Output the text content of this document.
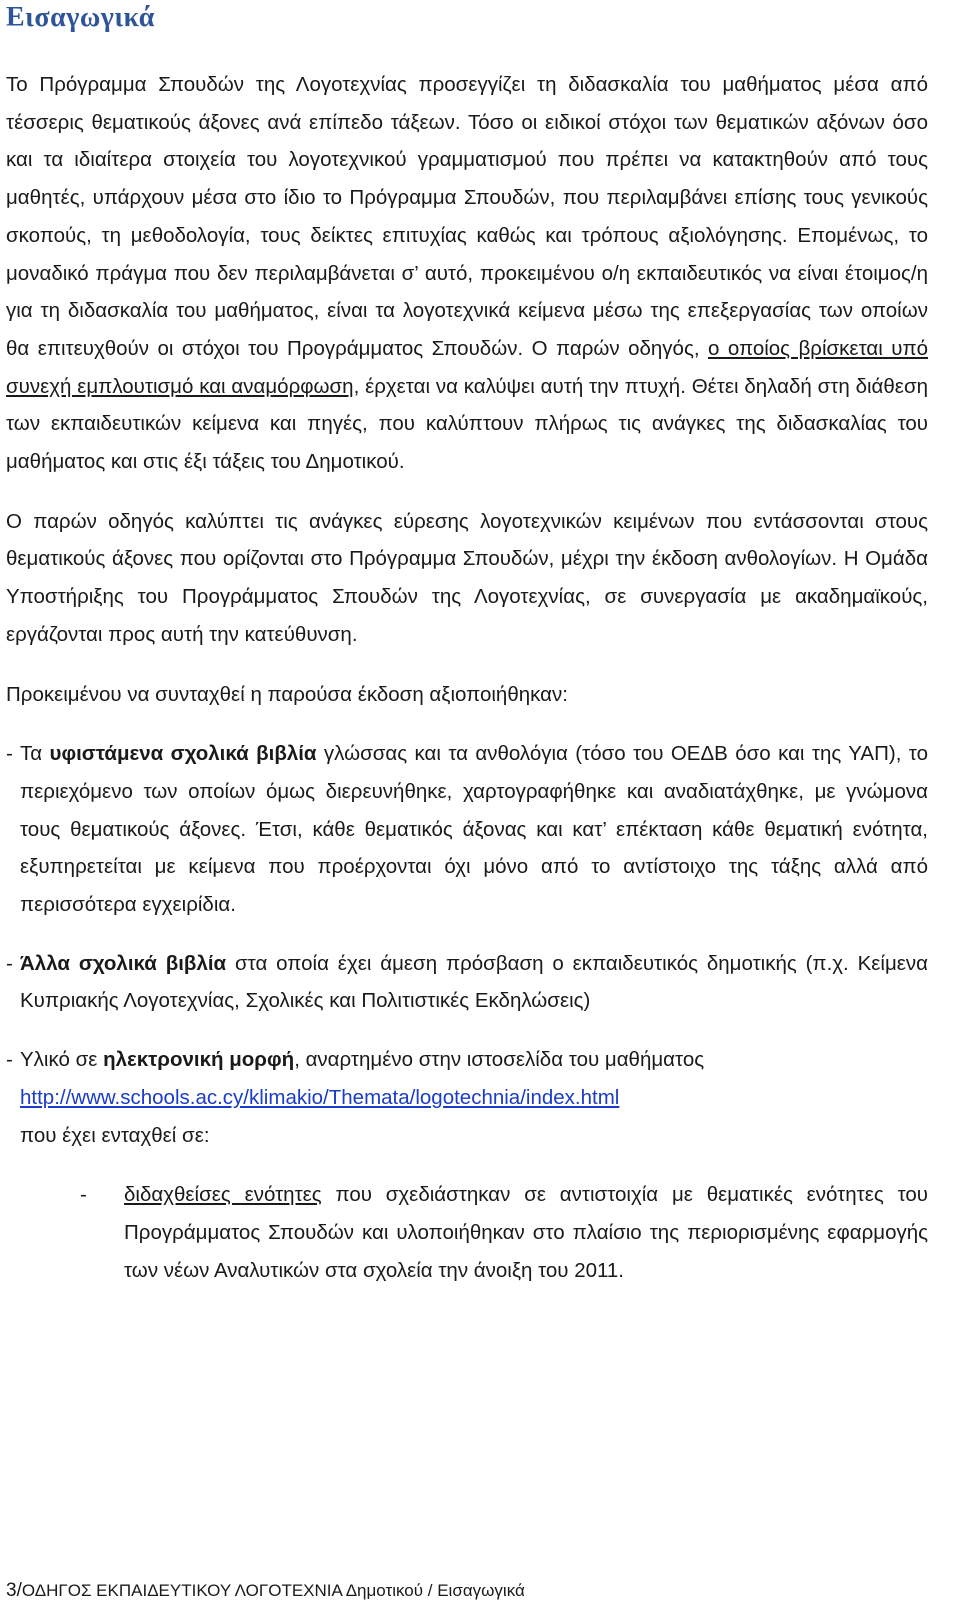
Εισαγωγικά

Το Πρόγραμμα Σπουδών της Λογοτεχνίας προσεγγίζει τη διδασκαλία του μαθήματος μέσα από τέσσερις θεματικούς άξονες ανά επίπεδο τάξεων. Τόσο οι ειδικοί στόχοι των θεματικών αξόνων όσο και τα ιδιαίτερα στοιχεία του λογοτεχνικού γραμματισμού που πρέπει να κατακτηθούν από τους μαθητές, υπάρχουν μέσα στο ίδιο το Πρόγραμμα Σπουδών, που περιλαμβάνει επίσης τους γενικούς σκοπούς, τη μεθοδολογία, τους δείκτες επιτυχίας καθώς και τρόπους αξιολόγησης. Επομένως, το μοναδικό πράγμα που δεν περιλαμβάνεται σ’ αυτό, προκειμένου ο/η εκπαιδευτικός να είναι έτοιμος/η για τη διδασκαλία του μαθήματος, είναι τα λογοτεχνικά κείμενα μέσω της επεξεργασίας των οποίων θα επιτευχθούν οι στόχοι του Προγράμματος Σπουδών. Ο παρών οδηγός, ο οποίος βρίσκεται υπό συνεχή εμπλουτισμό και αναμόρφωση, έρχεται να καλύψει αυτή την πτυχή. Θέτει δηλαδή στη διάθεση των εκπαιδευτικών κείμενα και πηγές, που καλύπτουν πλήρως τις ανάγκες της διδασκαλίας του μαθήματος και στις έξι τάξεις του Δημοτικού.

Ο παρών οδηγός καλύπτει τις ανάγκες εύρεσης λογοτεχνικών κειμένων που εντάσσονται στους θεματικούς άξονες που ορίζονται στο Πρόγραμμα Σπουδών, μέχρι την έκδοση ανθολογίων. Η Ομάδα Υποστήριξης του Προγράμματος Σπουδών της Λογοτεχνίας, σε συνεργασία με ακαδημαϊκούς, εργάζονται προς αυτή την κατεύθυνση.

Προκειμένου να συνταχθεί η παρούσα έκδοση αξιοποιήθηκαν:

- Τα υφιστάμενα σχολικά βιβλία γλώσσας και τα ανθολόγια (τόσο του ΟΕΔΒ όσο και της ΥΑΠ), το περιεχόμενο των οποίων όμως διερευνήθηκε, χαρτογραφήθηκε και αναδιατάχθηκε, με γνώμονα τους θεματικούς άξονες. Έτσι, κάθε θεματικός άξονας και κατ’ επέκταση κάθε θεματική ενότητα, εξυπηρετείται με κείμενα που προέρχονται όχι μόνο από το αντίστοιχο της τάξης αλλά από περισσότερα εγχειρίδια.
- Άλλα σχολικά βιβλία στα οποία έχει άμεση πρόσβαση ο εκπαιδευτικός δημοτικής (π.χ. Κείμενα Κυπριακής Λογοτεχνίας, Σχολικές και Πολιτιστικές Εκδηλώσεις)
- Υλικό σε ηλεκτρονική μορφή, αναρτημένο στην ιστοσελίδα του μαθήματος
http://www.schools.ac.cy/klimakio/Themata/logotechnia/index.html
που έχει ενταχθεί σε:
-	διδαχθείσες ενότητες που σχεδιάστηκαν σε αντιστοιχία με θεματικές ενότητες του Προγράμματος Σπουδών και υλοποιήθηκαν στο πλαίσιο της περιορισμένης εφαρμογής των νέων Αναλυτικών στα σχολεία την άνοιξη του 2011.
3/ΟΔΗΓΟΣ ΕΚΠΑΙΔΕΥΤΙΚΟΥ ΛΟΓΟΤΕΧΝΙΑ Δημοτικού / Εισαγωγικά
